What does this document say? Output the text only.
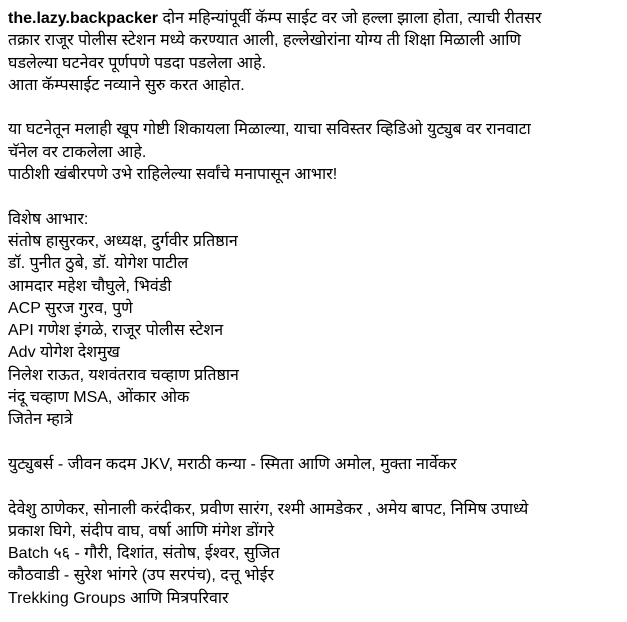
the.lazy.backpacker दोन महिन्यांपूर्वी कॅम्प साईट वर जो हल्ला झाला होता, त्याची रीतसर
तक्रार राजूर पोलीस स्टेशन मध्ये करण्यात आली, हल्लेखोरांना योग्य ती शिक्षा मिळाली आणि
घडलेल्या घटनेवर पूर्णपणे पडदा पडलेला आहे.
आता कॅम्पसाईट नव्याने सुरु करत आहोत.
या घटनेतून मलाही खूप गोष्टी शिकायला मिळाल्या, याचा सविस्तर व्हिडिओ युट्युब वर रानवाटा
चॅनेल वर टाकलेला आहे.
पाठीशी खंबीरपणे उभे राहिलेल्या सर्वांचे मनापासून आभार!
विशेष आभार:
संतोष हासुरकर, अध्यक्ष, दुर्गवीर प्रतिष्ठान
डॉ. पुनीत ठुबे, डॉ. योगेश पाटील
आमदार महेश चौघुले, भिवंडी
ACP सुरज गुरव, पुणे
API गणेश इंगळे, राजूर पोलीस स्टेशन
Adv योगेश देशमुख
निलेश राऊत, यशवंतराव चव्हाण प्रतिष्ठान
नंदू चव्हाण MSA, ओंकार ओक
जितेन म्हात्रे
युट्युबर्स - जीवन कदम JKV, मराठी कन्या - स्मिता आणि अमोल, मुक्ता नार्वेकर
देवेशु ठाणेकर, सोनाली करंदीकर, प्रवीण सारंग, रश्मी आमडेकर , अमेय बापट, निमिष उपाध्ये
प्रकाश घिगे, संदीप वाघ, वर्षा आणि मंगेश डोंगरे
Batch ५६ - गौरी, दिशांत, संतोष, ईश्वर, सुजित
कौठवाडी - सुरेश भांगरे (उप सरपंच), दत्तू भोईर
Trekking Groups आणि मित्रपरिवार
